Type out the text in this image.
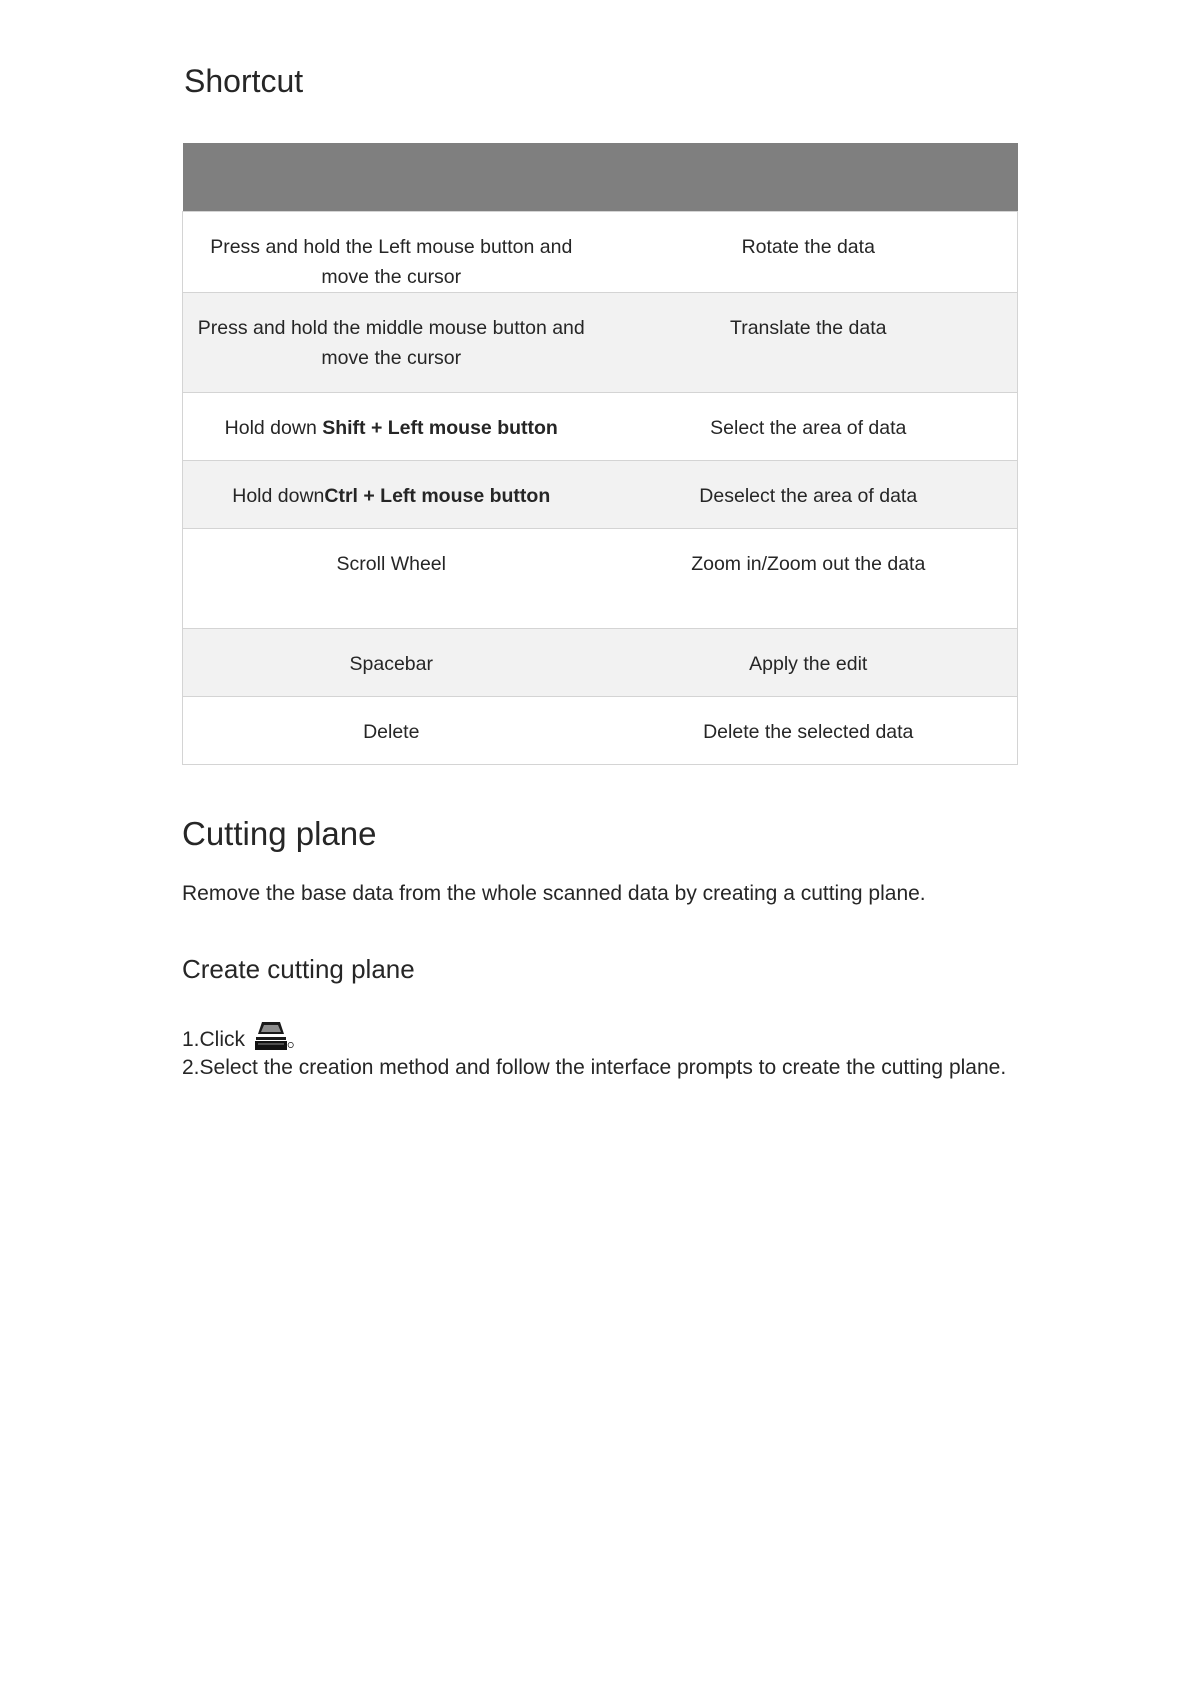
Shortcut

Press and hold the Left mouse button and move the cursor	Rotate the data
Press and hold the middle mouse button and move the cursor	Translate the data
Hold down Shift + Left mouse button	Select the area of data
Hold downCtrl + Left mouse button	Deselect the area of data
Scroll Wheel	Zoom in/Zoom out the data
Spacebar	Apply the edit
Delete	Delete the selected data
Cutting plane

Remove the base data from the whole scanned data by creating a cutting plane.

Create cutting plane

1.Click 。

2.Select the creation method and follow the interface prompts to create the cutting plane.
